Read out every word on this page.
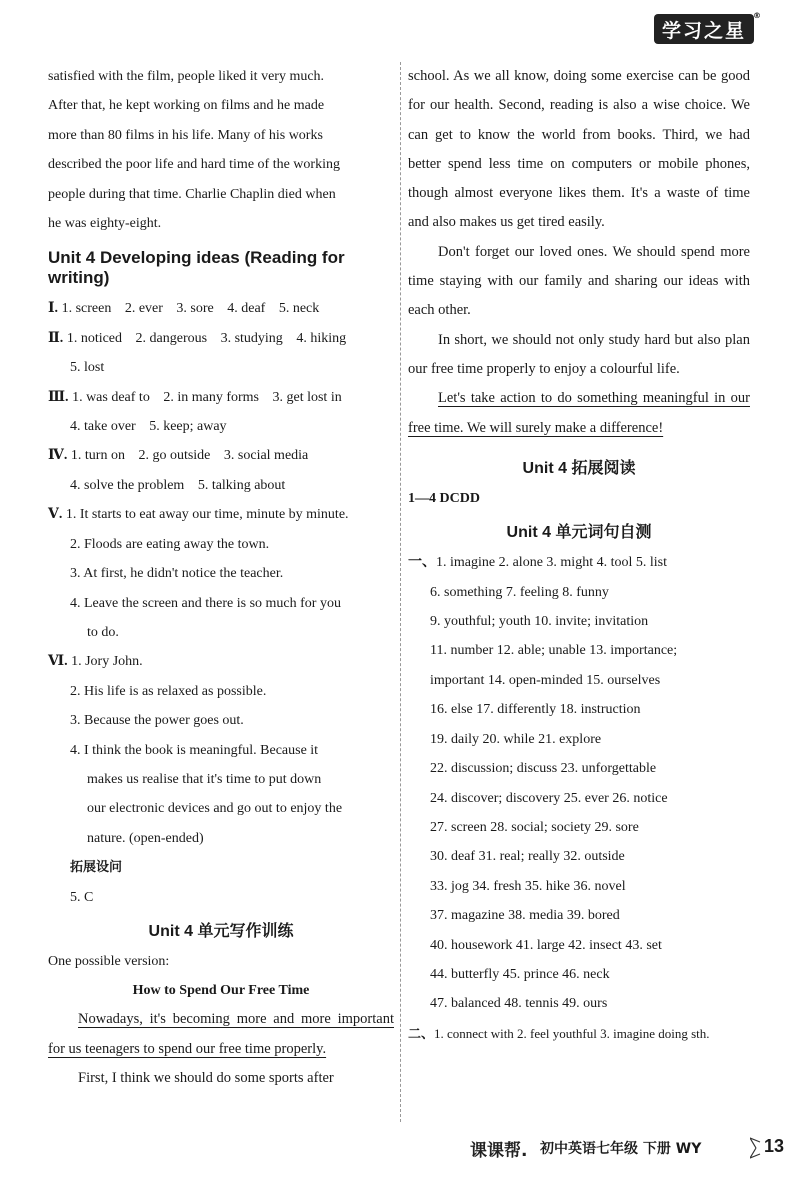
学习之星
®
satisfied with the film, people liked it very much.
After that, he kept working on films and he made
more than 80 films in his life. Many of his works
described the poor life and hard time of the working
people during that time. Charlie Chaplin died when
he was eighty-eight.
Unit 4 Developing ideas (Reading for writing)
Ⅰ. 1. screen 2. ever 3. sore 4. deaf 5. neck
Ⅱ. 1. noticed 2. dangerous 3. studying 4. hiking
5. lost
Ⅲ. 1. was deaf to 2. in many forms 3. get lost in
4. take over 5. keep; away
Ⅳ. 1. turn on 2. go outside 3. social media
4. solve the problem 5. talking about
Ⅴ. 1. It starts to eat away our time, minute by minute.
2. Floods are eating away the town.
3. At first, he didn't notice the teacher.
4. Leave the screen and there is so much for you
to do.
Ⅵ. 1. Jory John.
2. His life is as relaxed as possible.
3. Because the power goes out.
4. I think the book is meaningful. Because it
makes us realise that it's time to put down
our electronic devices and go out to enjoy the
nature. (open-ended)
拓展设问
5. C
Unit 4 单元写作训练
One possible version:
How to Spend Our Free Time

Nowadays, it's becoming more and more important for us teenagers to spend our free time properly.

First, I think we should do some sports after

school. As we all know, doing some exercise can be good for our health. Second, reading is also a wise choice. We can get to know the world from books. Third, we had better spend less time on computers or mobile phones, though almost everyone likes them. It's a waste of time and also makes us get tired easily.

Don't forget our loved ones. We should spend more time staying with our family and sharing our ideas with each other.

In short, we should not only study hard but also plan our free time properly to enjoy a colourful life.

Let's take action to do something meaningful in our free time. We will surely make a difference!

Unit 4 拓展阅读
1—4 DCDD
Unit 4 单元词句自测
一、1. imagine 2. alone 3. might 4. tool 5. list
6. something 7. feeling 8. funny
9. youthful; youth 10. invite; invitation
11. number 12. able; unable 13. importance;
important 14. open-minded 15. ourselves
16. else 17. differently 18. instruction
19. daily 20. while 21. explore
22. discussion; discuss 23. unforgettable
24. discover; discovery 25. ever 26. notice
27. screen 28. social; society 29. sore
30. deaf 31. real; really 32. outside
33. jog 34. fresh 35. hike 36. novel
37. magazine 38. media 39. bored
40. housework 41. large 42. insect 43. set
44. butterfly 45. prince 46. neck
47. balanced 48. tennis 49. ours
二、1. connect with 2. feel youthful 3. imagine doing sth.
课课帮. 初中英语七年级 下册 WY	13
